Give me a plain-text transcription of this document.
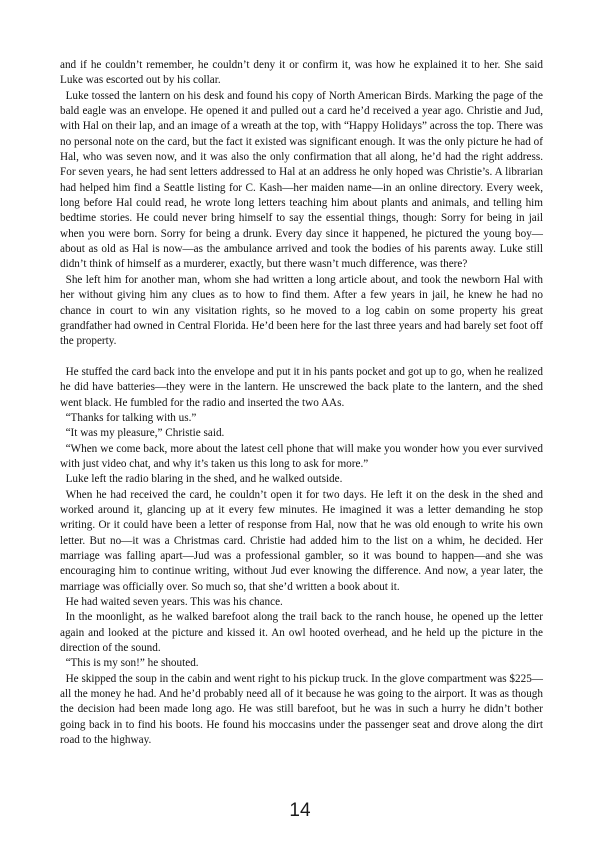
and if he couldn’t remember, he couldn’t deny it or confirm it, was how he explained it to her. She said Luke was escorted out by his collar.

 Luke tossed the lantern on his desk and found his copy of North American Birds. Marking the page of the bald eagle was an envelope. He opened it and pulled out a card he’d received a year ago. Christie and Jud, with Hal on their lap, and an image of a wreath at the top, with “Happy Holidays” across the top. There was no personal note on the card, but the fact it existed was significant enough. It was the only picture he had of Hal, who was seven now, and it was also the only confirmation that all along, he’d had the right address. For seven years, he had sent letters addressed to Hal at an address he only hoped was Christie’s. A librarian had helped him find a Seattle listing for C. Kash—her maiden name—in an online directory. Every week, long before Hal could read, he wrote long letters teaching him about plants and animals, and telling him bedtime stories. He could never bring himself to say the essential things, though: Sorry for being in jail when you were born. Sorry for being a drunk. Every day since it happened, he pictured the young boy—about as old as Hal is now—as the ambulance arrived and took the bodies of his parents away. Luke still didn’t think of himself as a murderer, exactly, but there wasn’t much difference, was there?

 She left him for another man, whom she had written a long article about, and took the newborn Hal with her without giving him any clues as to how to find them. After a few years in jail, he knew he had no chance in court to win any visitation rights, so he moved to a log cabin on some property his great grandfather had owned in Central Florida. He’d been here for the last three years and had barely set foot off the property.

 He stuffed the card back into the envelope and put it in his pants pocket and got up to go, when he realized he did have batteries—they were in the lantern. He unscrewed the back plate to the lantern, and the shed went black. He fumbled for the radio and inserted the two AAs.

 “Thanks for talking with us.”

 “It was my pleasure,” Christie said.

 “When we come back, more about the latest cell phone that will make you wonder how you ever survived with just video chat, and why it’s taken us this long to ask for more.”

 Luke left the radio blaring in the shed, and he walked outside.

 When he had received the card, he couldn’t open it for two days. He left it on the desk in the shed and worked around it, glancing up at it every few minutes. He imagined it was a letter demanding he stop writing. Or it could have been a letter of response from Hal, now that he was old enough to write his own letter. But no—it was a Christmas card. Christie had added him to the list on a whim, he decided. Her marriage was falling apart—Jud was a professional gambler, so it was bound to happen—and she was encouraging him to continue writing, without Jud ever knowing the difference. And now, a year later, the marriage was officially over. So much so, that she’d written a book about it.

 He had waited seven years. This was his chance.

 In the moonlight, as he walked barefoot along the trail back to the ranch house, he opened up the letter again and looked at the picture and kissed it. An owl hooted overhead, and he held up the picture in the direction of the sound.

 “This is my son!” he shouted.

 He skipped the soup in the cabin and went right to his pickup truck. In the glove compartment was $225—all the money he had. And he’d probably need all of it because he was going to the airport. It was as though the decision had been made long ago. He was still barefoot, but he was in such a hurry he didn’t bother going back in to find his boots. He found his moccasins under the passenger seat and drove along the dirt road to the highway.

14
